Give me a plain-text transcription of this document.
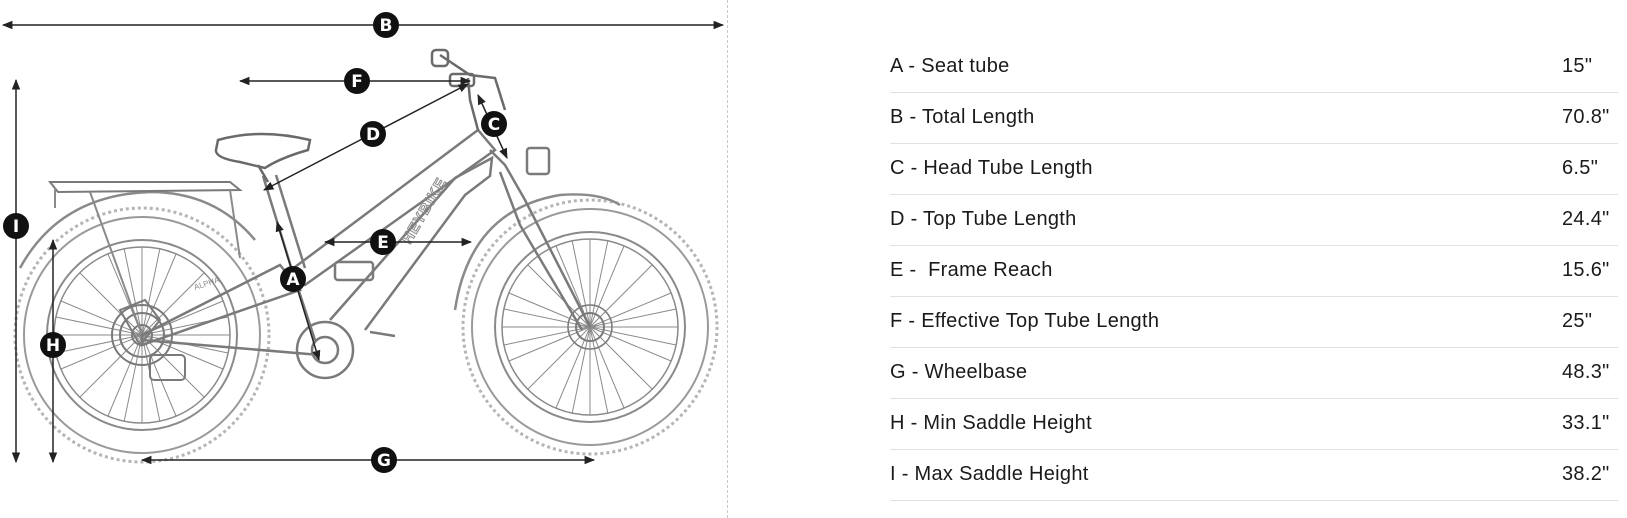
HEYBIKE
ALPHA
B
F
D	C
E
A
I
H
G
A - Seat tube	15"
B - Total Length	70.8"
C - Head Tube Length	6.5"
D - Top Tube Length	24.4"
E -  Frame Reach	15.6"
F - Effective Top Tube Length	25"
G - Wheelbase	48.3"
H - Min Saddle Height	33.1"
I - Max Saddle Height	38.2"
